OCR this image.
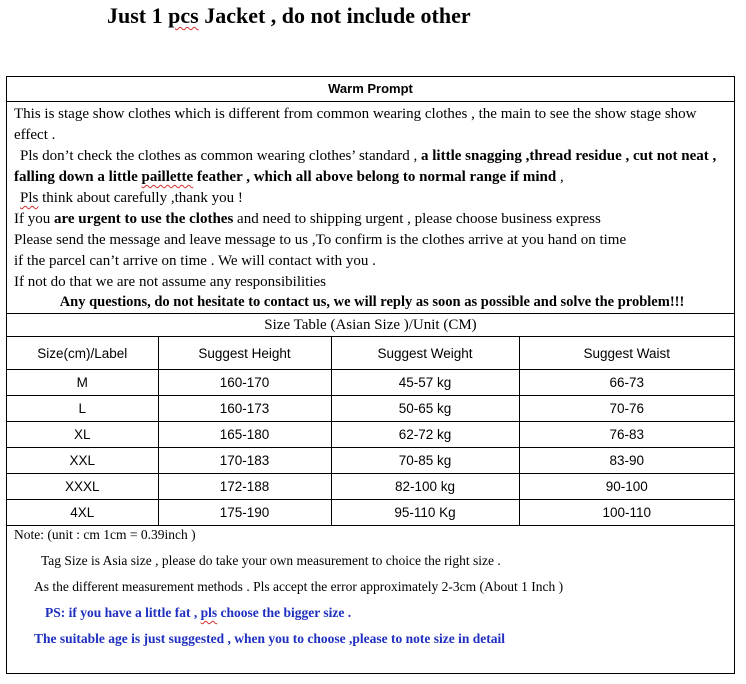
Just 1 pcs Jacket , do not include other
Warm Prompt
This is stage show clothes which is different from common wearing clothes , the main to see the show stage show effect .
Pls don’t check the clothes as common wearing clothes’ standard , a little snagging ,thread residue , cut not neat , falling down a little paillette feather , which all above belong to normal range if mind ,
Pls think about carefully ,thank you !
If you are urgent to use the clothes and need to shipping urgent , please choose business express
Please send the message and leave message to us ,To confirm is the clothes arrive at you hand on time
if the parcel can’t arrive on time . We will contact with you .
If not do that we are not assume any responsibilities
Any questions, do not hesitate to contact us, we will reply as soon as possible and solve the problem!!!
Size Table (Asian Size )/Unit (CM)
Size(cm)/Label	Suggest Height	Suggest Weight	Suggest Waist
M	160-170	45-57 kg	66-73
L	160-173	50-65 kg	70-76
XL	165-180	62-72 kg	76-83
XXL	170-183	70-85 kg	83-90
XXXL	172-188	82-100 kg	90-100
4XL	175-190	95-110 Kg	100-110
Note: (unit : cm 1cm = 0.39inch )
Tag Size is Asia size , please do take your own measurement to choice the right size .
As the different measurement methods . Pls accept the error approximately 2-3cm (About 1 Inch )
PS: if you have a little fat , pls choose the bigger size .
The suitable age is just suggested , when you to choose ,please to note size in detail
